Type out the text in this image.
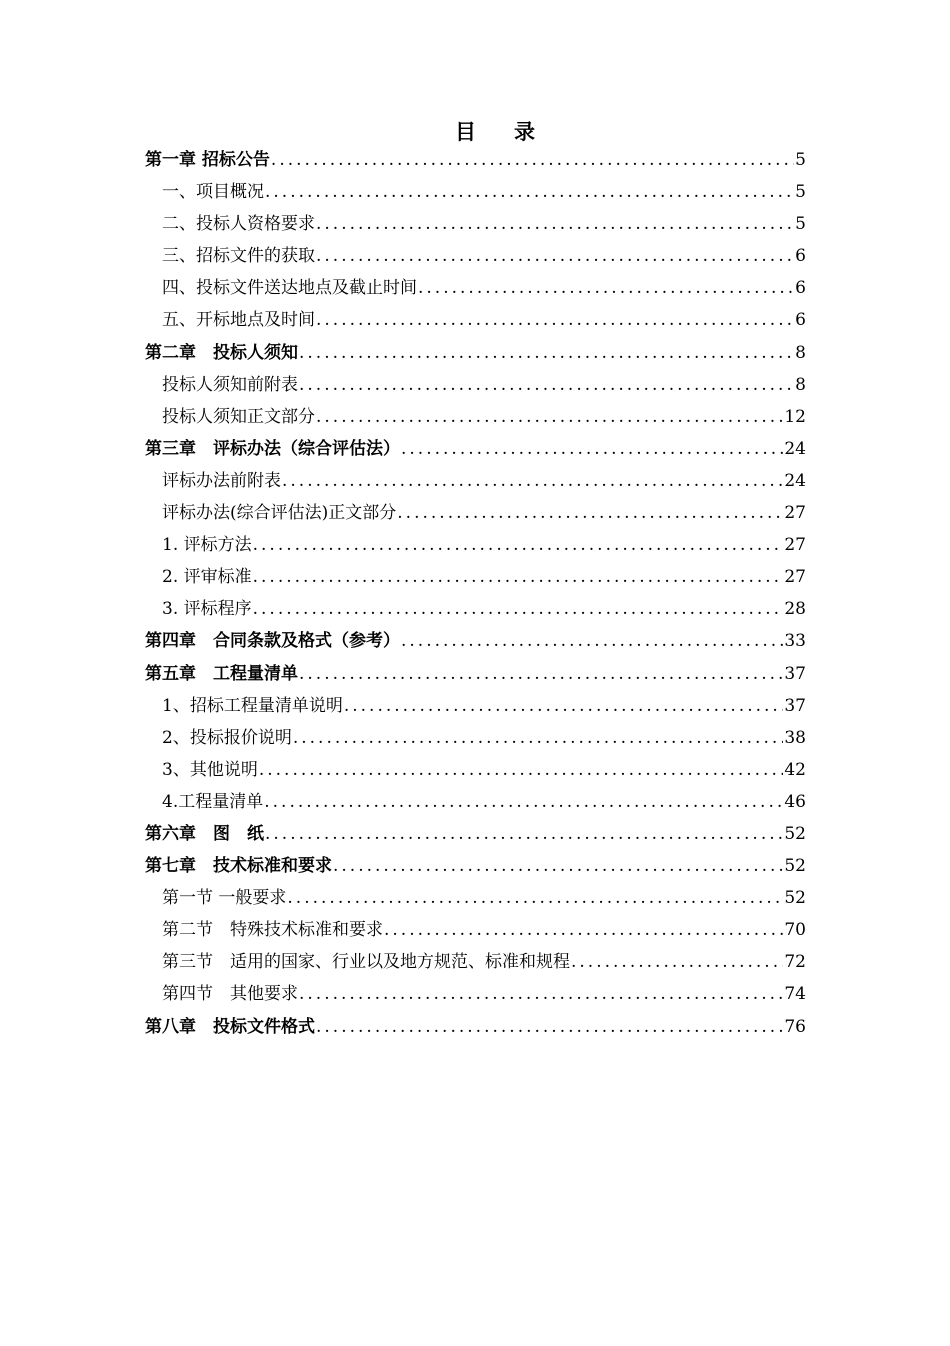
目录
第一章 招标公告 .....	5
一、项目概况 .....	5
二、投标人资格要求 .....	5
三、招标文件的获取 .....	6
四、投标文件送达地点及截止时间 .....	6
五、开标地点及时间 .....	6
第二章　投标人须知 .....	8
投标人须知前附表 .....	8
投标人须知正文部分 .....	12
第三章　评标办法（综合评估法） .....	24
评标办法前附表 .....	24
评标办法(综合评估法)正文部分 .....	27
1. 评标方法 .....	27
2. 评审标准 .....	27
3. 评标程序 .....	28
第四章　合同条款及格式（参考） .....	33
第五章　工程量清单 .....	37
1、招标工程量清单说明 .....	37
2、投标报价说明 .....	38
3、其他说明 .....	42
4.工程量清单 .....	46
第六章　图　纸 .....	52
第七章　技术标准和要求 .....	52
第一节 一般要求 .....	52
第二节　特殊技术标准和要求 .....	70
第三节　适用的国家、行业以及地方规范、标准和规程 .....	72
第四节　其他要求 .....	74
第八章　投标文件格式 .....	76
